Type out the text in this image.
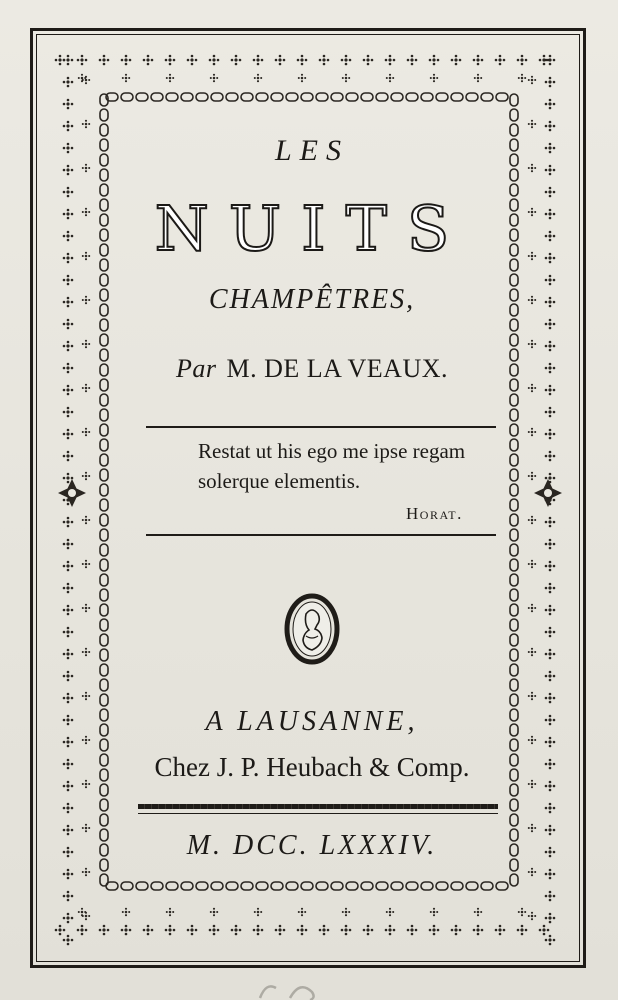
LES
NUITS
CHAMPÊTRES,
Par M. DE LA VEAUX.
Restat ut his ego me ipse regam
solerque elementis.
Horat.
A LAUSANNE,
Chez J. P. Heubach & Comp.
M. DCC. LXXXIV.
